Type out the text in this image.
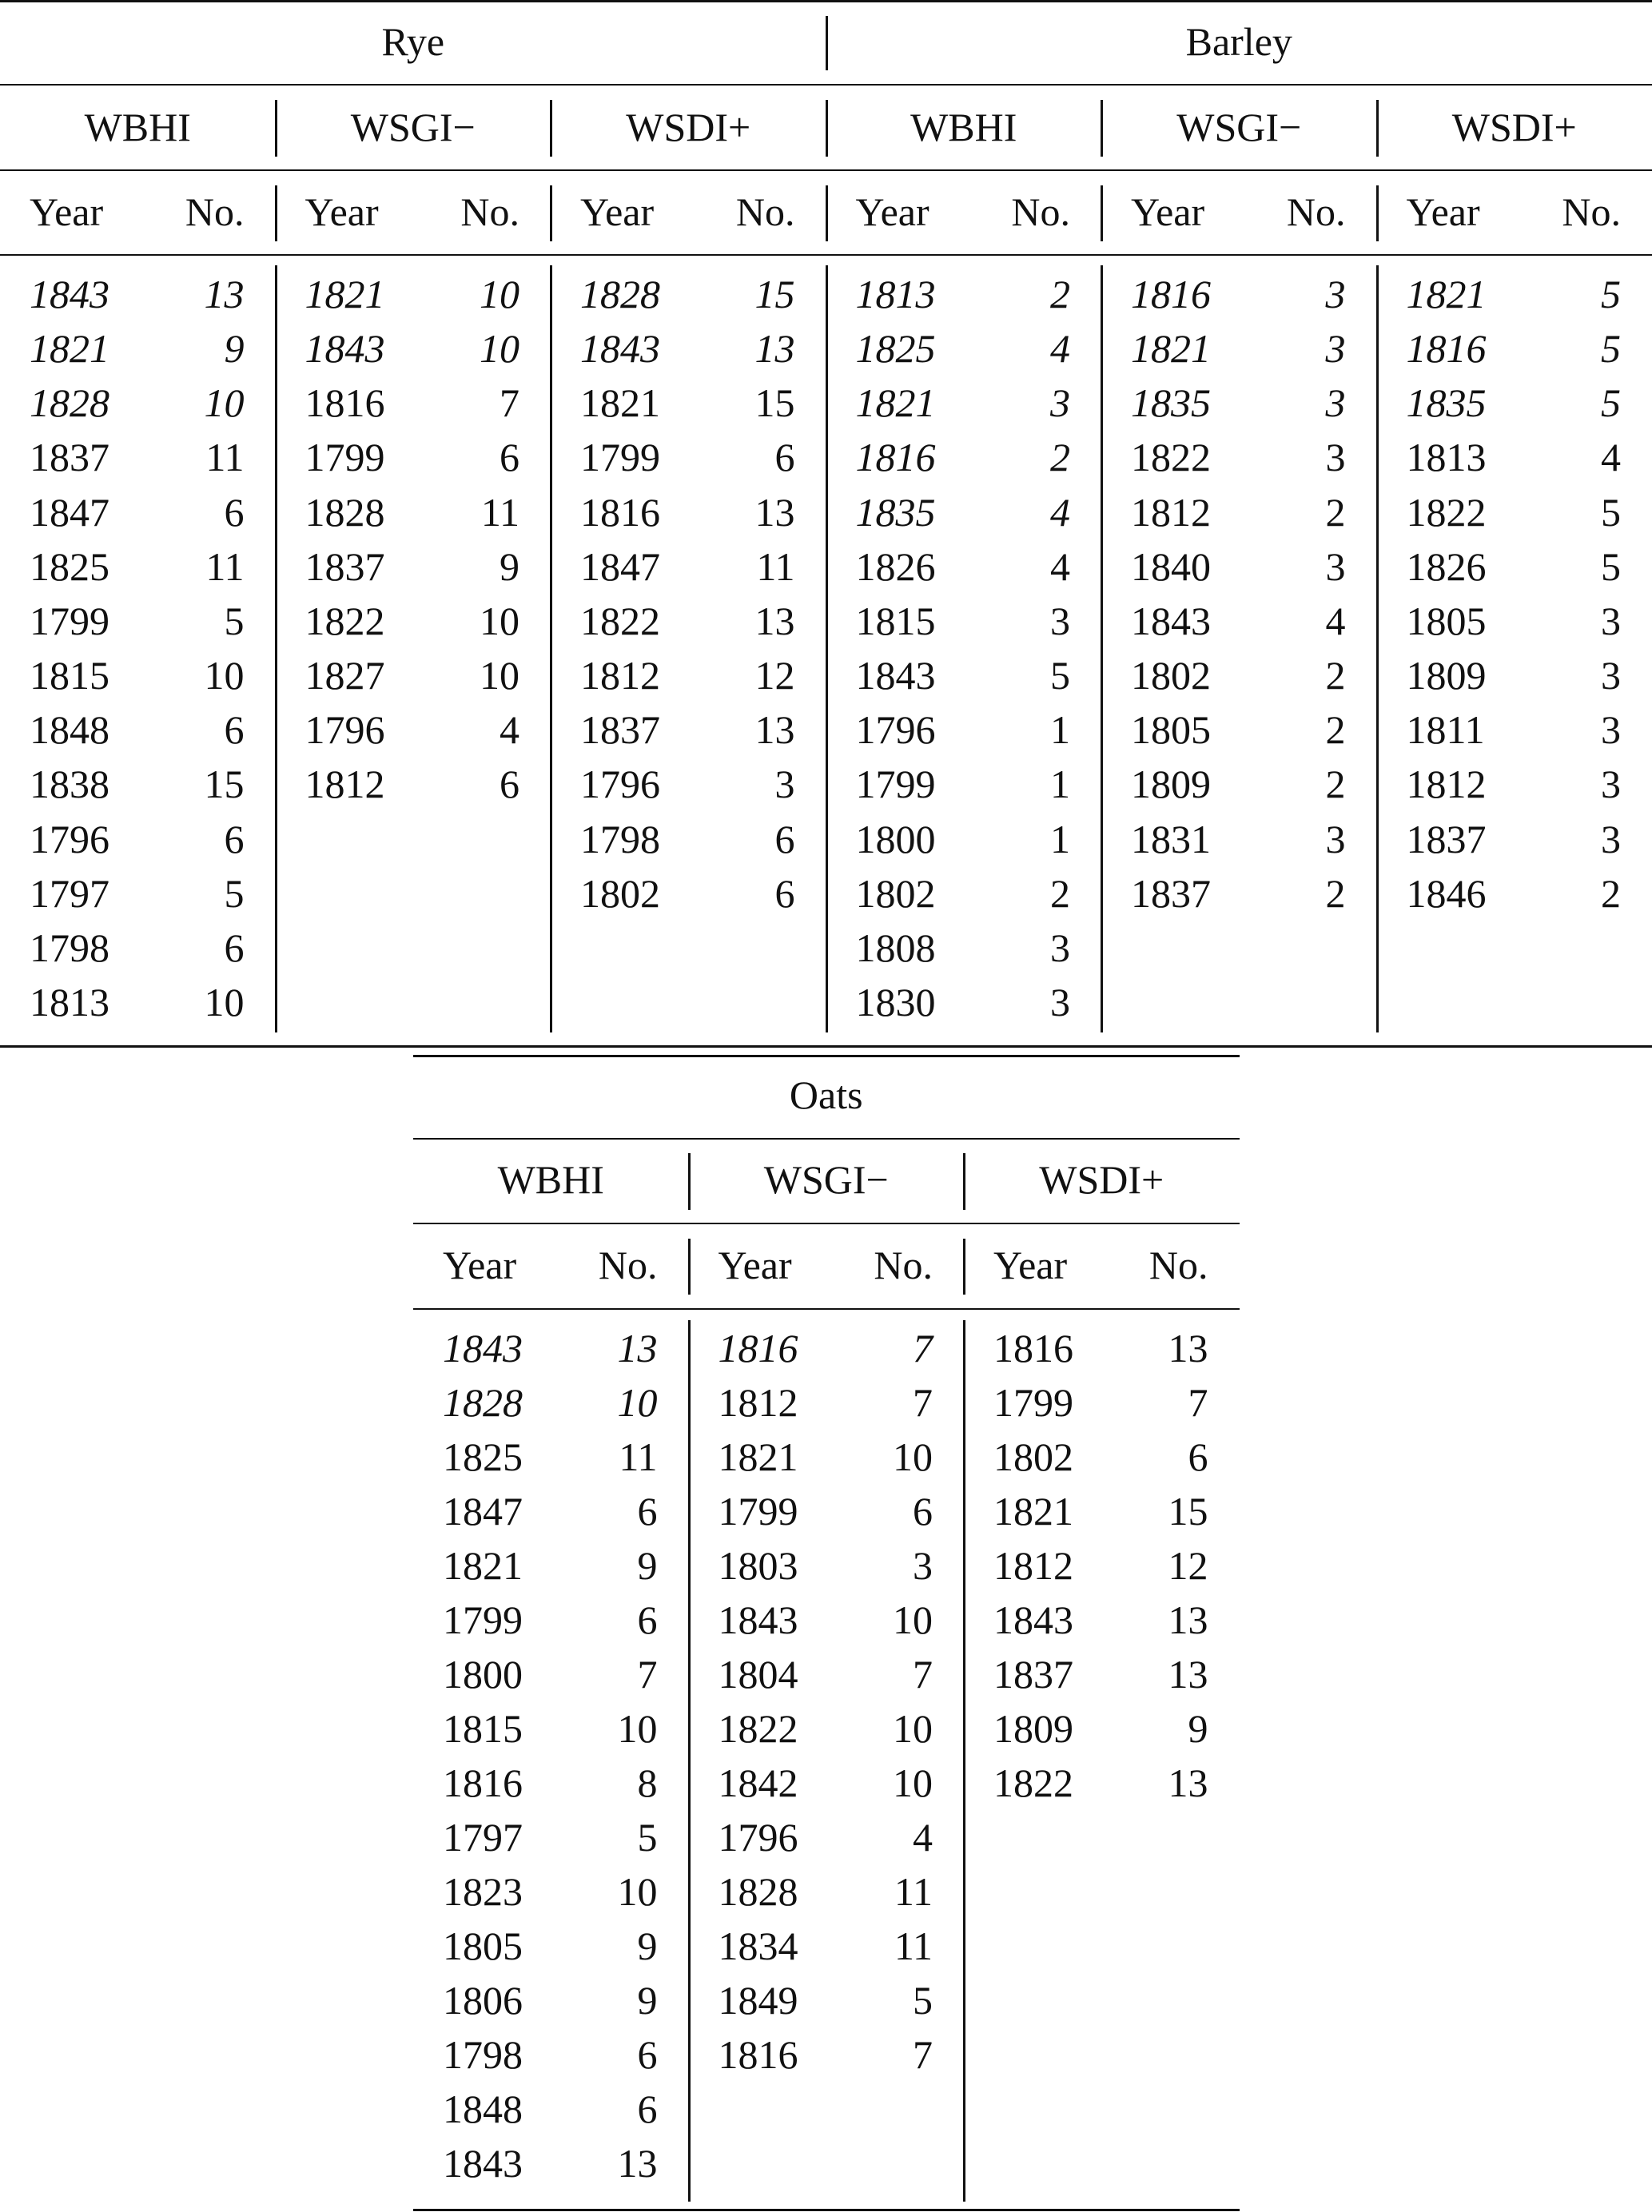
Rye
WBHI
Year	No.
1843	13
1821	9
1828	10
1837	11
1847	6
1825	11
1799	5
1815	10
1848	6
1838	15
1796	6
1797	5
1798	6
1813	10
WSGI−
Year	No.
1821	10
1843	10
1816	7
1799	6
1828	11
1837	9
1822	10
1827	10
1796	4
1812	6
WSDI+
Year	No.
1828	15
1843	13
1821	15
1799	6
1816	13
1847	11
1822	13
1812	12
1837	13
1796	3
1798	6
1802	6
Barley
WBHI
Year	No.
1813	2
1825	4
1821	3
1816	2
1835	4
1826	4
1815	3
1843	5
1796	1
1799	1
1800	1
1802	2
1808	3
1830	3
WSGI−
Year	No.
1816	3
1821	3
1835	3
1822	3
1812	2
1840	3
1843	4
1802	2
1805	2
1809	2
1831	3
1837	2
WSDI+
Year	No.
1821	5
1816	5
1835	5
1813	4
1822	5
1826	5
1805	3
1809	3
1811	3
1812	3
1837	3
1846	2
Oats
WBHI
Year	No.
1843	13
1828	10
1825	11
1847	6
1821	9
1799	6
1800	7
1815	10
1816	8
1797	5
1823	10
1805	9
1806	9
1798	6
1848	6
1843	13
WSGI−
Year	No.
1816	7
1812	7
1821	10
1799	6
1803	3
1843	10
1804	7
1822	10
1842	10
1796	4
1828	11
1834	11
1849	5
1816	7
WSDI+
Year	No.
1816	13
1799	7
1802	6
1821	15
1812	12
1843	13
1837	13
1809	9
1822	13
